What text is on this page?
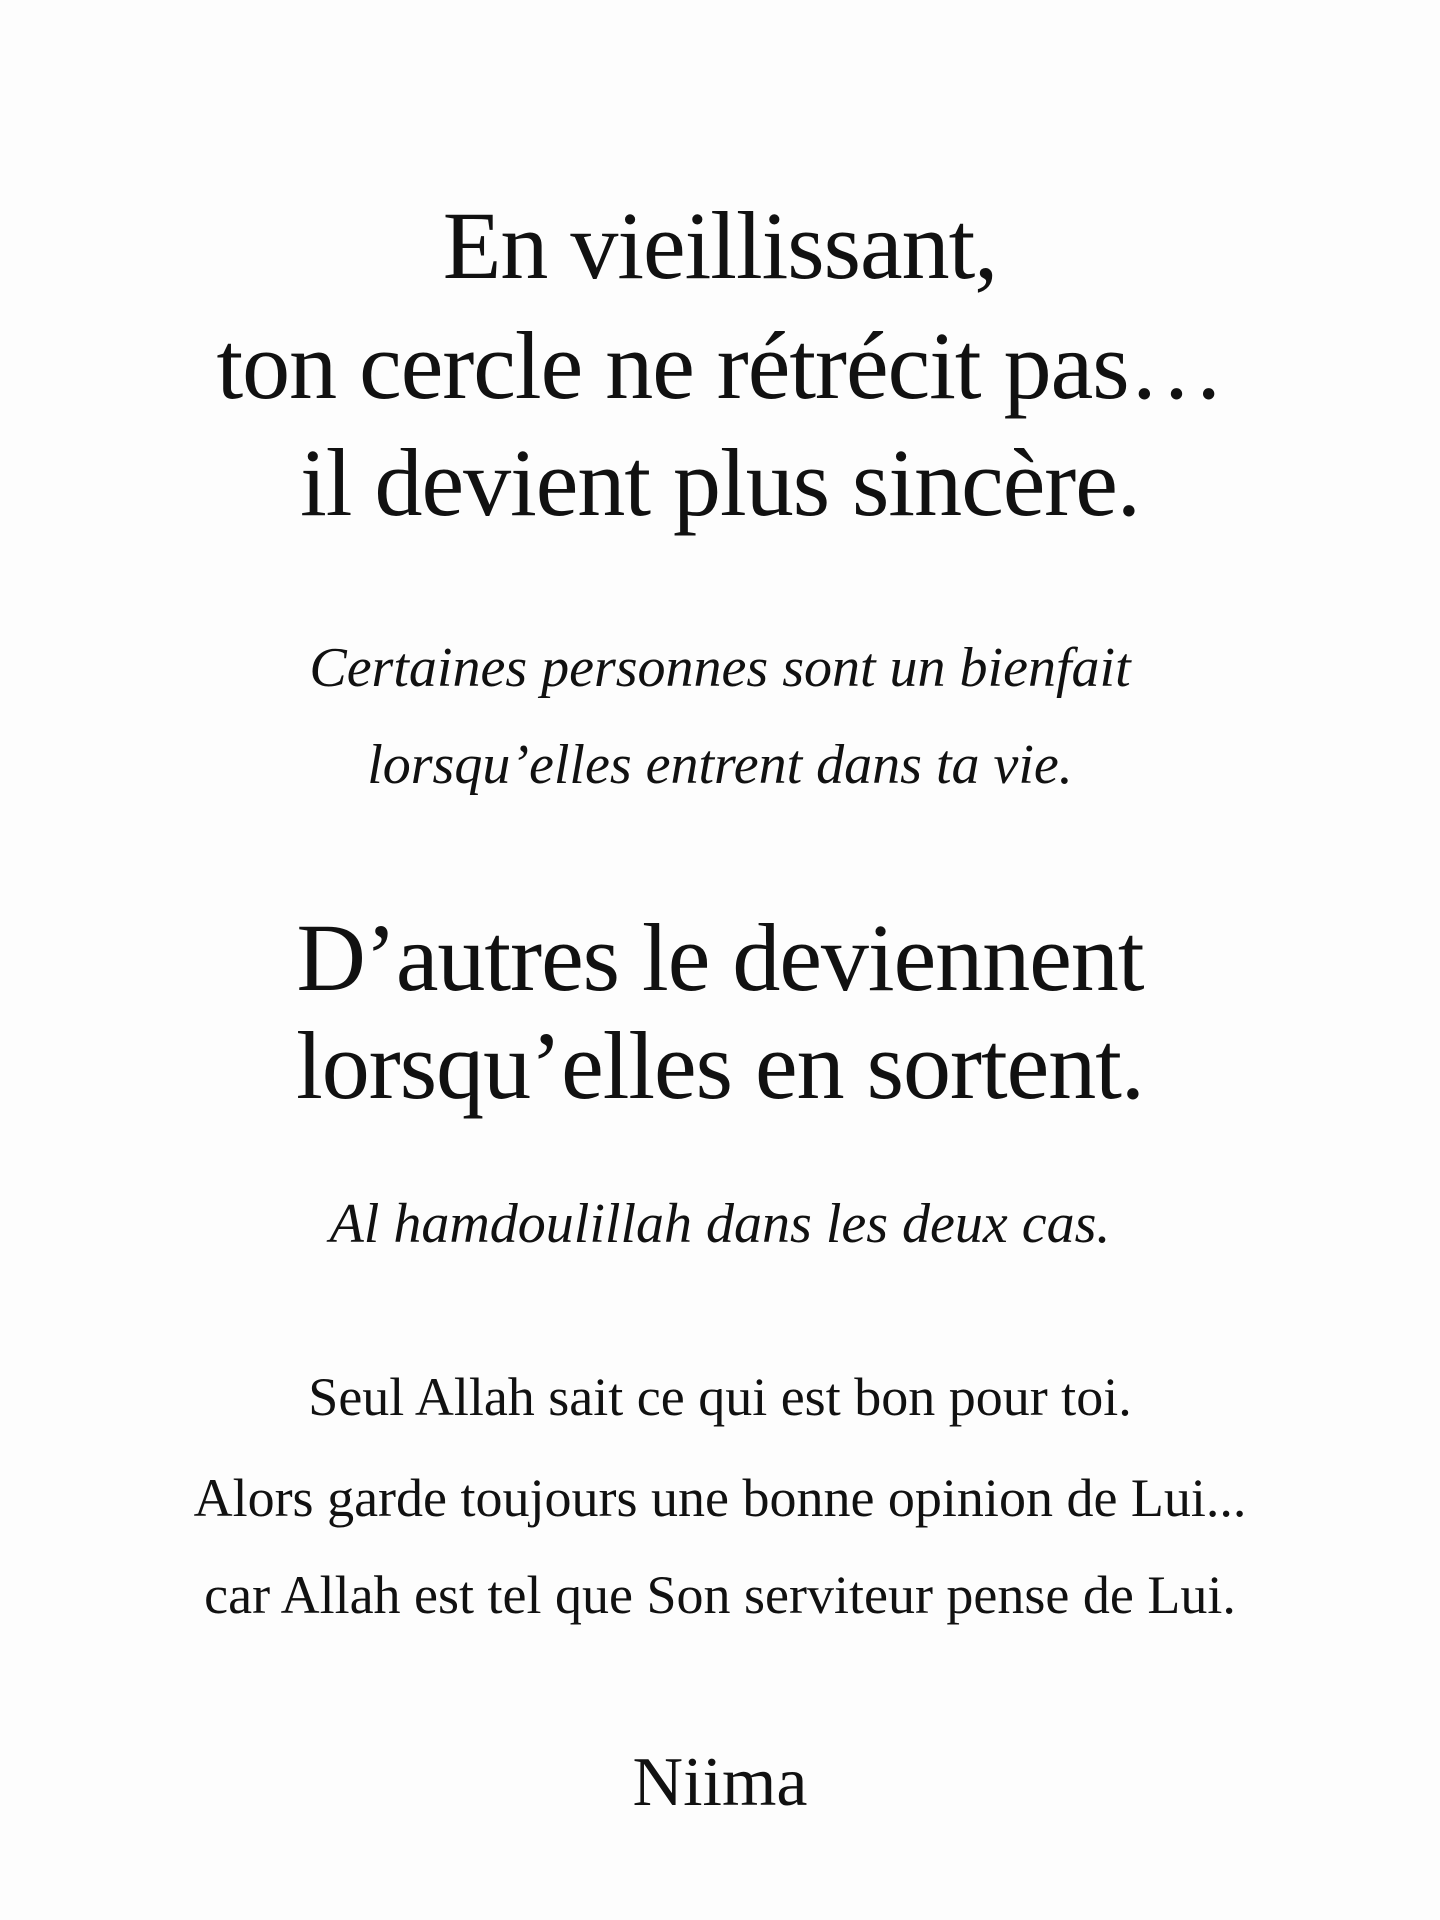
En vieillissant,
ton cercle ne rétrécit pas…
il devient plus sincère.
Certaines personnes sont un bienfait
lorsqu’elles entrent dans ta vie.
D’autres le deviennent
lorsqu’elles en sortent.
Al hamdoulillah dans les deux cas.
Seul Allah sait ce qui est bon pour toi.
Alors garde toujours une bonne opinion de Lui...
car Allah est tel que Son serviteur pense de Lui.
Niima
